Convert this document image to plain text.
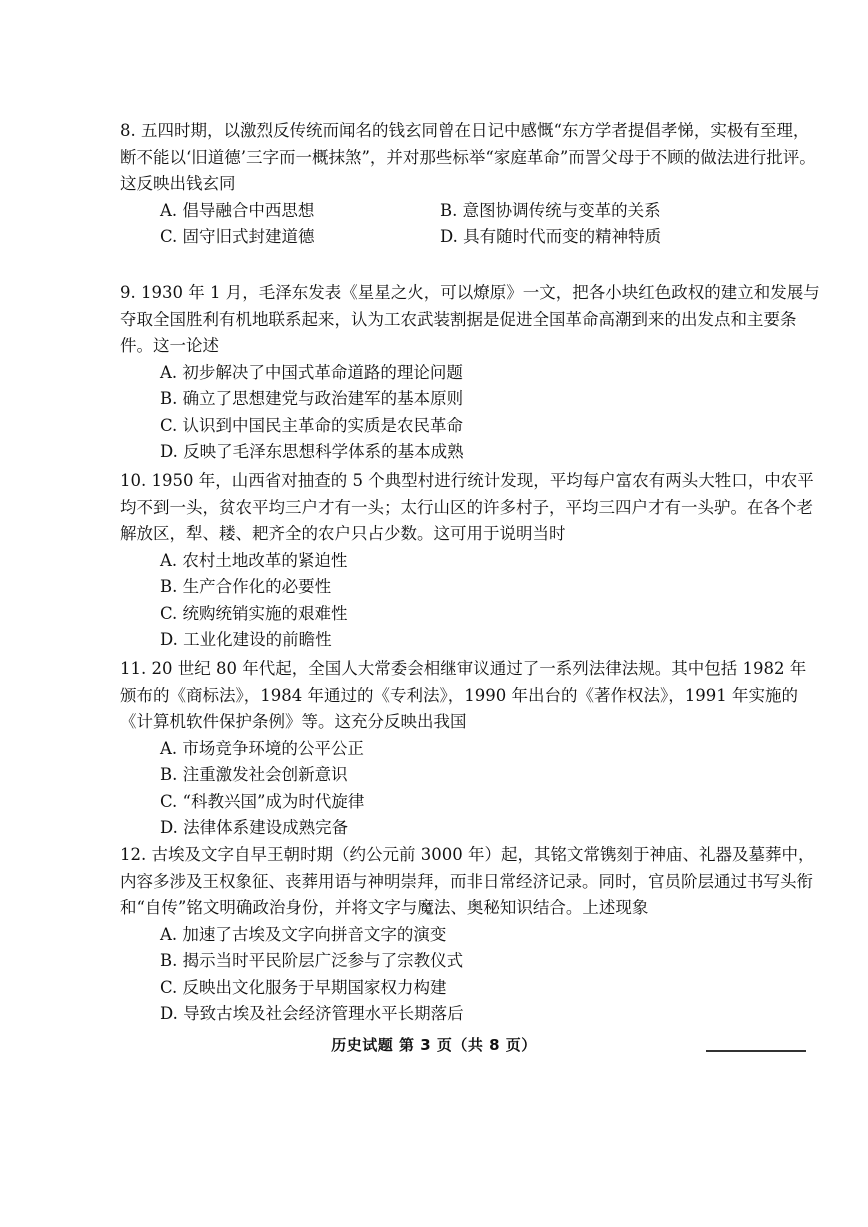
8. 五四时期，以激烈反传统而闻名的钱玄同曾在日记中感慨“东方学者提倡孝悌，实极有至理，断不能以‘旧道德’三字而一概抹煞”，并对那些标举“家庭革命”而詈父母于不顾的做法进行批评。这反映出钱玄同

A. 倡导融合中西思想	B. 意图协调传统与变革的关系
C. 固守旧式封建道德	D. 具有随时代而变的精神特质

9. 1930 年 1 月，毛泽东发表《星星之火，可以燎原》一文，把各小块红色政权的建立和发展与夺取全国胜利有机地联系起来，认为工农武装割据是促进全国革命高潮到来的出发点和主要条件。这一论述

A. 初步解决了中国式革命道路的理论问题
B. 确立了思想建党与政治建军的基本原则
C. 认识到中国民主革命的实质是农民革命
D. 反映了毛泽东思想科学体系的基本成熟

10. 1950 年，山西省对抽查的 5 个典型村进行统计发现，平均每户富农有两头大牲口，中农平均不到一头，贫农平均三户才有一头；太行山区的许多村子，平均三四户才有一头驴。在各个老解放区，犁、耧、耙齐全的农户只占少数。这可用于说明当时

A. 农村土地改革的紧迫性
B. 生产合作化的必要性
C. 统购统销实施的艰难性
D. 工业化建设的前瞻性

11. 20 世纪 80 年代起，全国人大常委会相继审议通过了一系列法律法规。其中包括 1982 年颁布的《商标法》，1984 年通过的《专利法》，1990 年出台的《著作权法》，1991 年实施的《计算机软件保护条例》等。这充分反映出我国

A. 市场竞争环境的公平公正
B. 注重激发社会创新意识
C. “科教兴国”成为时代旋律
D. 法律体系建设成熟完备

12. 古埃及文字自早王朝时期（约公元前 3000 年）起，其铭文常镌刻于神庙、礼器及墓葬中，内容多涉及王权象征、丧葬用语与神明崇拜，而非日常经济记录。同时，官员阶层通过书写头衔和“自传”铭文明确政治身份，并将文字与魔法、奥秘知识结合。上述现象

A. 加速了古埃及文字向拼音文字的演变
B. 揭示当时平民阶层广泛参与了宗教仪式
C. 反映出文化服务于早期国家权力构建
D. 导致古埃及社会经济管理水平长期落后
历史试题 第 3 页（共 8 页）
